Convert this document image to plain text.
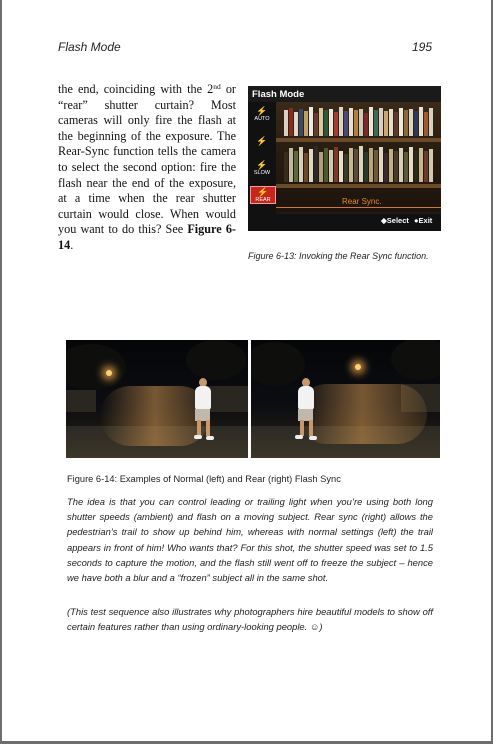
Flash Mode	195

the end, coinciding with the 2nd or “rear” shutter curtain? Most cameras will only fire the flash at the beginning of the exposure. The Rear-Sync function tells the camera to select the second option: fire the flash near the end of the exposure, at a time when the rear shutter curtain would close. When would you want to do this? See Figure 6-14.

⚡
AUTO
⚡
⚡
SLOW
⚡
REAR
Flash Mode
Rear Sync.
◆Select ●Exit

Figure 6-13: Invoking the Rear Sync function.

Figure 6-14: Examples of Normal (left) and Rear (right) Flash Sync

The idea is that you can control leading or trailing light when you’re using both long shutter speeds (ambient) and flash on a moving subject. Rear sync (right) allows the pedestrian’s trail to show up behind him, whereas with normal settings (left) the trail appears in front of him! Who wants that? For this shot, the shutter speed was set to 1.5 seconds to capture the motion, and the flash still went off to freeze the subject – hence we have both a blur and a “frozen” subject all in the same shot.

(This test sequence also illustrates why photographers hire beautiful models to show off certain features rather than using ordinary-looking people. ☺)
